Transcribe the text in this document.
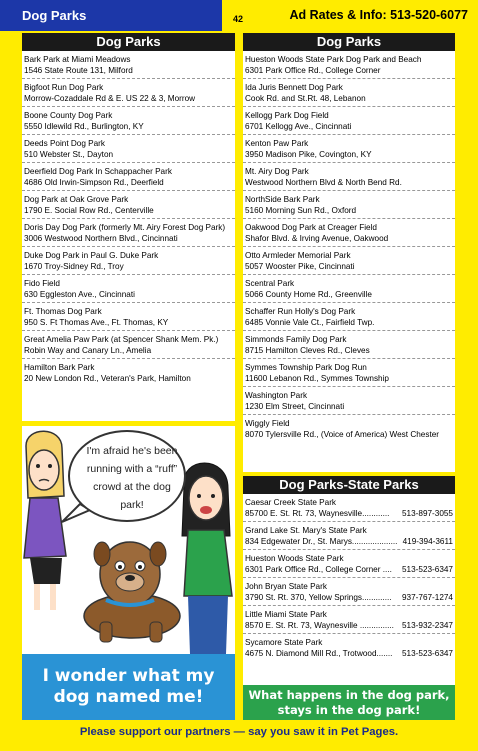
Dog Parks	42	Ad Rates & Info: 513-520-6077
Dog Parks
Bark Park at Miami Meadows
1546 State Route 131, Milford
Bigfoot Run Dog Park
Morrow-Cozaddale Rd & E. US 22 & 3, Morrow
Boone County Dog Park
5550 Idlewild Rd., Burlington, KY
Deeds Point Dog Park
510 Webster St., Dayton
Deerfield Dog Park In Schappacher Park
4686 Old Irwin-Simpson Rd., Deerfield
Dog Park at Oak Grove Park
1790 E. Social Row Rd., Centerville
Doris Day Dog Park (formerly Mt. Airy Forest Dog Park)
3006 Westwood Northern Blvd., Cincinnati
Duke Dog Park in Paul G. Duke Park
1670 Troy-Sidney Rd., Troy
Fido Field
630 Eggleston Ave., Cincinnati
Ft. Thomas Dog Park
950 S. Ft Thomas Ave., Ft. Thomas, KY
Great Amelia Paw Park (at Spencer Shank Mem. Pk.)
Robin Way and Canary Ln., Amelia
Hamilton Bark Park
20 New London Rd., Veteran's Park, Hamilton
Dog Parks
Hueston Woods State Park Dog Park and Beach
6301 Park Office Rd., College Corner
Ida Juris Bennett Dog Park
Cook Rd. and St.Rt. 48, Lebanon
Kellogg Park Dog Field
6701 Kellogg Ave., Cincinnati
Kenton Paw Park
3950 Madison Pike, Covington, KY
Mt. Airy Dog Park
Westwood Northern Blvd & North Bend Rd.
NorthSide Bark Park
5160 Morning Sun Rd., Oxford
Oakwood Dog Park at Creager Field
Shafor Blvd. & Irving Avenue, Oakwood
Otto Armleder Memorial Park
5057 Wooster Pike, Cincinnati
Scentral Park
5066 County Home Rd., Greenville
Schaffer Run Holly's Dog Park
6485 Vonnie Vale Ct., Fairfield Twp.
Simmonds Family Dog Park
8715 Hamilton Cleves Rd., Cleves
Symmes Township Park Dog Run
11600 Lebanon Rd., Symmes Township
Washington Park
1230 Elm Street, Cincinnati
Wiggly Field
8070 Tylersville Rd., (Voice of America) West Chester
Dog Parks-State Parks
Caesar Creek State Park
85700 E. St. Rt. 73, Waynesville............ 513-897-3055
Grand Lake St. Mary's State Park
834 Edgewater Dr., St. Marys.................... 419-394-3611
Hueston Woods State Park
6301 Park Office Rd., College Corner .... 513-523-6347
John Bryan State Park
3790 St. Rt. 370, Yellow Springs............. 937-767-1274
Little Miami State Park
8570 E. St. Rt. 73, Waynesville ............... 513-932-2347
Sycamore State Park
4675 N. Diamond Mill Rd., Trotwood....... 513-523-6347
I'm afraid he's been running with a “ruff” crowd at the dog park!
I wonder what my dog named me!	What happens in the dog park, stays in the dog park!
Please support our partners — say you saw it in Pet Pages.
